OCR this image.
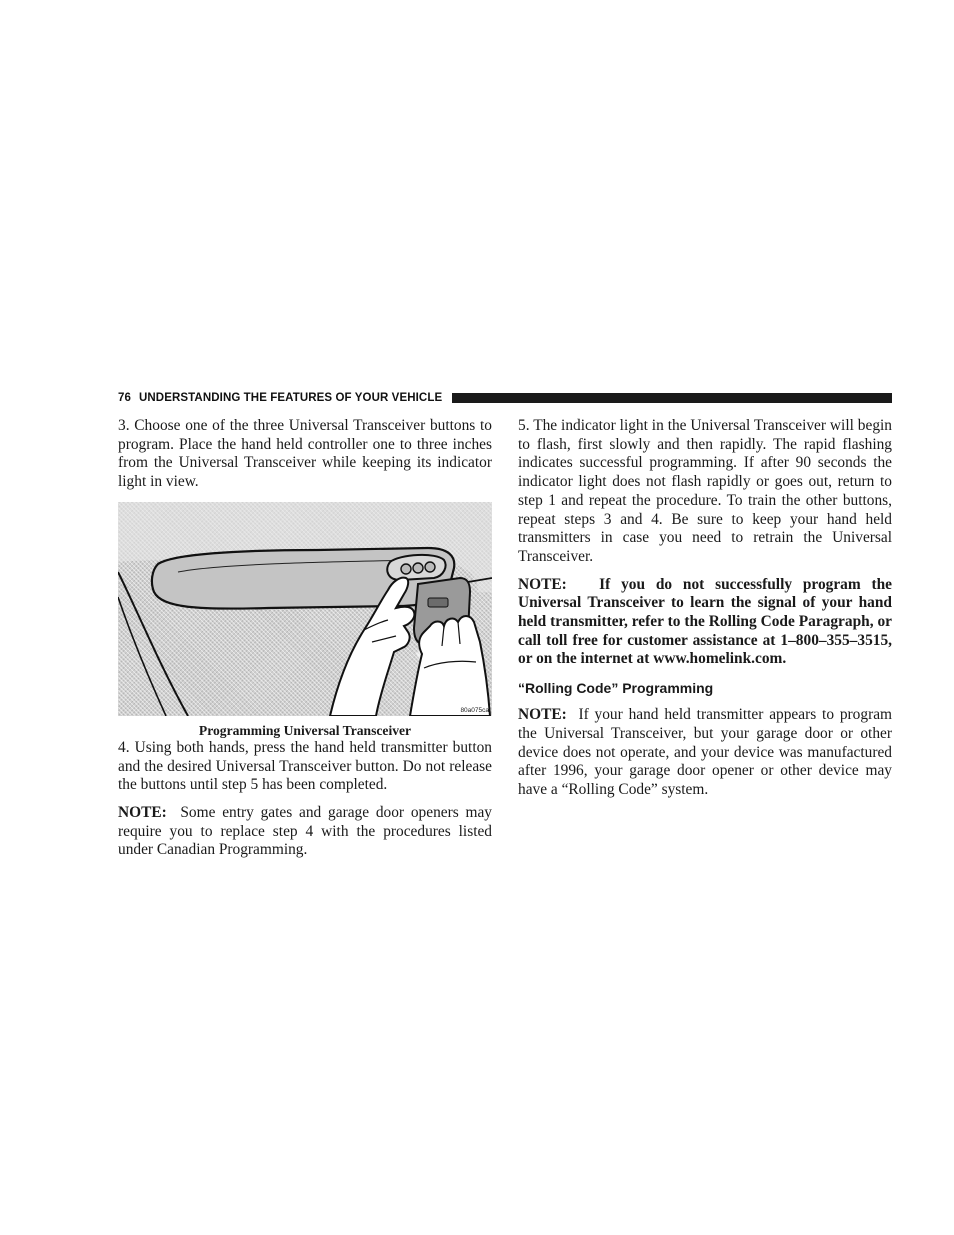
76 UNDERSTANDING THE FEATURES OF YOUR VEHICLE

3. Choose one of the three Universal Transceiver buttons to program. Place the hand held controller one to three inches from the Universal Transceiver while keeping its indicator light in view.

80a075ca
Programming Universal Transceiver

4. Using both hands, press the hand held transmitter button and the desired Universal Transceiver button. Do not release the buttons until step 5 has been completed.

NOTE: Some entry gates and garage door openers may require you to replace step 4 with the procedures listed under Canadian Programming.

5. The indicator light in the Universal Transceiver will begin to flash, first slowly and then rapidly. The rapid flashing indicates successful programming. If after 90 seconds the indicator light does not flash rapidly or goes out, return to step 1 and repeat the procedure. To train the other buttons, repeat steps 3 and 4. Be sure to keep your hand held transmitters in case you need to retrain the Universal Transceiver.

NOTE: If you do not successfully program the Universal Transceiver to learn the signal of your hand held transmitter, refer to the Rolling Code Paragraph, or call toll free for customer assistance at 1–800–355–3515, or on the internet at www.homelink.com.

“Rolling Code” Programming

NOTE: If your hand held transmitter appears to program the Universal Transceiver, but your garage door or other device does not operate, and your device was manufactured after 1996, your garage door opener or other device may have a “Rolling Code” system.
